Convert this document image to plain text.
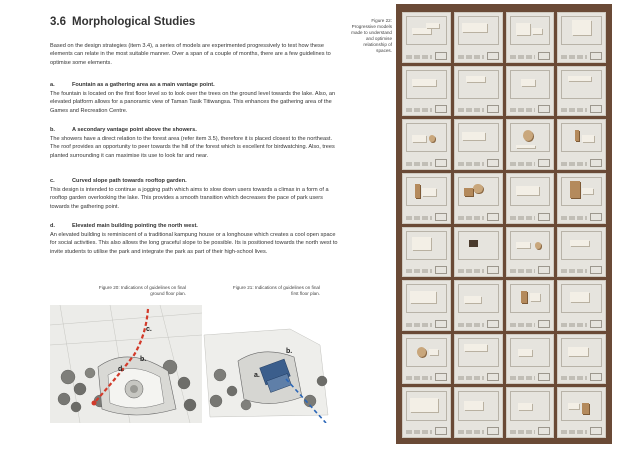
3.6 Morphological Studies

Based on the design strategies (item 3.4), a series of models are experimented progressively to test how these elements can relate in the most suitable manner. Over a span of a couple of months, there are a few guidelines to optimise some elements.

a.	Fountain as a gathering area as a main vantage point.

The fountain is located on the first floor level so to look over the trees on the ground level towards the lake. Also, an elevated platform allows for a panoramic view of Taman Tasik Titiwangsa. This enhances the gathering area of the Games and Recreation Centre.

b.	A secondary vantage point above the showers.

The showers have a direct relation to the forest area (refer item 3.5), therefore it is placed closest to the northeast. The roof provides an opportunity to peer towards the hill of the forest which is excellent for birdwatching. Also, trees planted surrounding it can maximise its use to look far and near.

c.	Curved slope path towards rooftop garden.

This design is intended to continue a jogging path which aims to slow down users towards a climax in a form of a rooftop garden overlooking the lake. This provides a smooth transition which decreases the pace of park users towards the gathering point.

d.	Elevated main building pointing the north west.

An elevated building is reminiscent of a traditional kampung house or a longhouse which creates a cool open space for social activities. This also allows the long graceful slope to be possible. Its is positioned towards the north west to invite students to utilise the park and integrate the park as part of their high-school lives.

Figure 20: Indications of guidelines on final ground floor plan.

Figure 21: Indications of guidelines on final first floor plan.

Figure 22: Progressive models made to understand and optimise relationship of spaces.

c.
b.
d.
b.
a.
